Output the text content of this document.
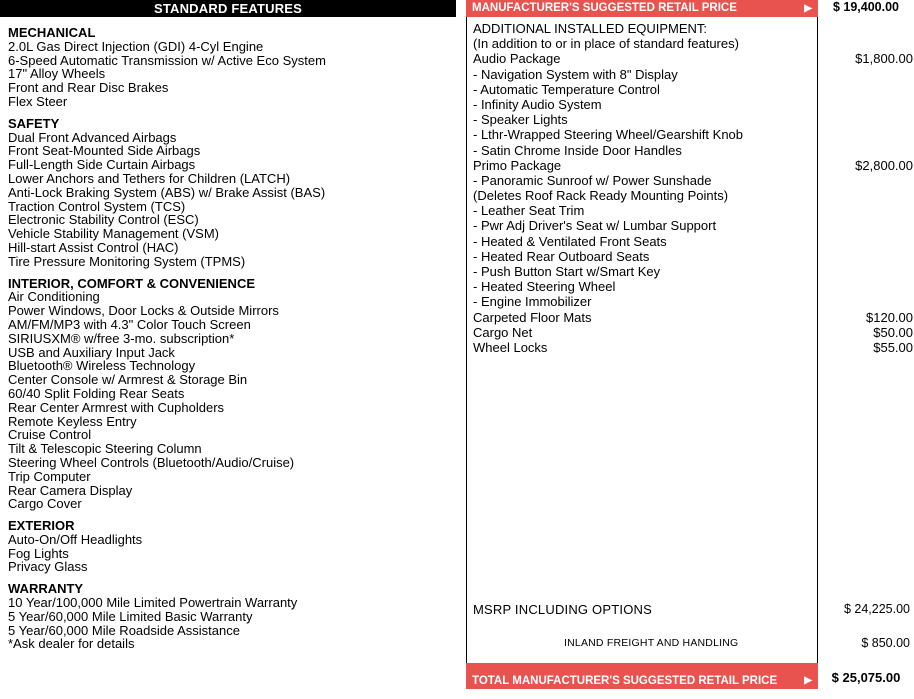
STANDARD FEATURES	MANUFACTURER'S SUGGESTED RETAIL PRICE	▶	$ 19,400.00
MECHANICAL
2.0L Gas Direct Injection (GDI) 4-Cyl Engine
6-Speed Automatic Transmission w/ Active Eco System
17" Alloy Wheels
Front and Rear Disc Brakes
Flex Steer
SAFETY
Dual Front Advanced Airbags
Front Seat-Mounted Side Airbags
Full-Length Side Curtain Airbags
Lower Anchors and Tethers for Children (LATCH)
Anti-Lock Braking System (ABS) w/ Brake Assist (BAS)
Traction Control System (TCS)
Electronic Stability Control (ESC)
Vehicle Stability Management (VSM)
Hill-start Assist Control (HAC)
Tire Pressure Monitoring System (TPMS)
INTERIOR, COMFORT & CONVENIENCE
Air Conditioning
Power Windows, Door Locks & Outside Mirrors
AM/FM/MP3 with 4.3" Color Touch Screen
SIRIUSXM® w/free 3-mo. subscription*
USB and Auxiliary Input Jack
Bluetooth® Wireless Technology
Center Console w/ Armrest & Storage Bin
60/40 Split Folding Rear Seats
Rear Center Armrest with Cupholders
Remote Keyless Entry
Cruise Control
Tilt & Telescopic Steering Column
Steering Wheel Controls (Bluetooth/Audio/Cruise)
Trip Computer
Rear Camera Display
Cargo Cover
EXTERIOR
Auto-On/Off Headlights
Fog Lights
Privacy Glass
WARRANTY
10 Year/100,000 Mile Limited Powertrain Warranty
5 Year/60,000 Mile Limited Basic Warranty
5 Year/60,000 Mile Roadside Assistance
*Ask dealer for details
ADDITIONAL INSTALLED EQUIPMENT:
(In addition to or in place of standard features)
Audio Package	$1,800.00
- Navigation System with 8" Display
- Automatic Temperature Control
- Infinity Audio System
- Speaker Lights
- Lthr-Wrapped Steering Wheel/Gearshift Knob
- Satin Chrome Inside Door Handles
Primo Package	$2,800.00
- Panoramic Sunroof w/ Power Sunshade
(Deletes Roof Rack Ready Mounting Points)
- Leather Seat Trim
- Pwr Adj Driver's Seat w/ Lumbar Support
- Heated & Ventilated Front Seats
- Heated Rear Outboard Seats
- Push Button Start w/Smart Key
- Heated Steering Wheel
- Engine Immobilizer
Carpeted Floor Mats	$120.00
Cargo Net	$50.00
Wheel Locks	$55.00
MSRP INCLUDING OPTIONS	$ 24,225.00
INLAND FREIGHT AND HANDLING	$ 850.00
TOTAL MANUFACTURER'S SUGGESTED RETAIL PRICE	▶	$ 25,075.00
